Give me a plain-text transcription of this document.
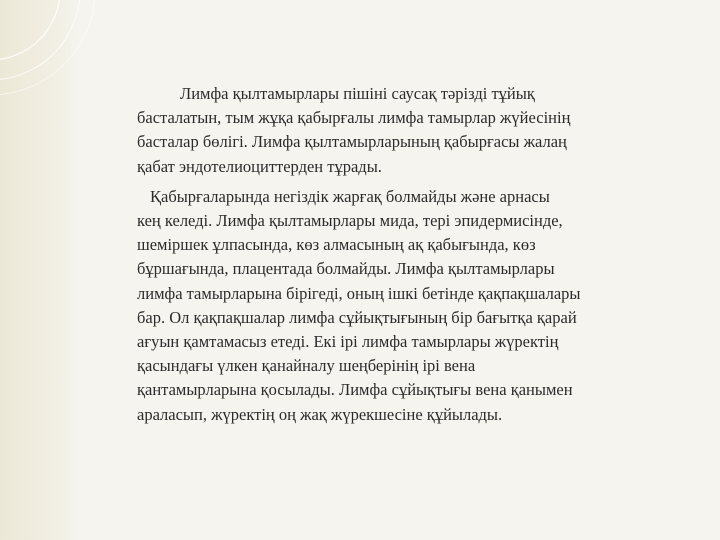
Лимфа қылтамырлары пішіні саусақ тәрізді тұйық
басталатын, тым жұқа қабырғалы лимфа тамырлар жүйесінің
басталар бөлігі. Лимфа қылтамырларының қабырғасы жалаң
қабат эндотелиоциттерден тұрады.

Қабырғаларында негіздік жарғақ болмайды және арнасы
кең келеді. Лимфа қылтамырлары мида, тері эпидермисінде,
шеміршек ұлпасында, көз алмасының ақ қабығында, көз
бұршағында, плацентада болмайды. Лимфа қылтамырлары
лимфа тамырларына бірігеді, оның ішкі бетінде қақпақшалары
бар. Ол қақпақшалар лимфа сұйықтығының бір бағытқа қарай
ағуын қамтамасыз етеді. Екі ірі лимфа тамырлары жүректің
қасындағы үлкен қанайналу шеңберінің ірі вена
қантамырларына қосылады. Лимфа сұйықтығы вена қанымен
араласып, жүректің оң жақ жүрекшесіне құйылады.
